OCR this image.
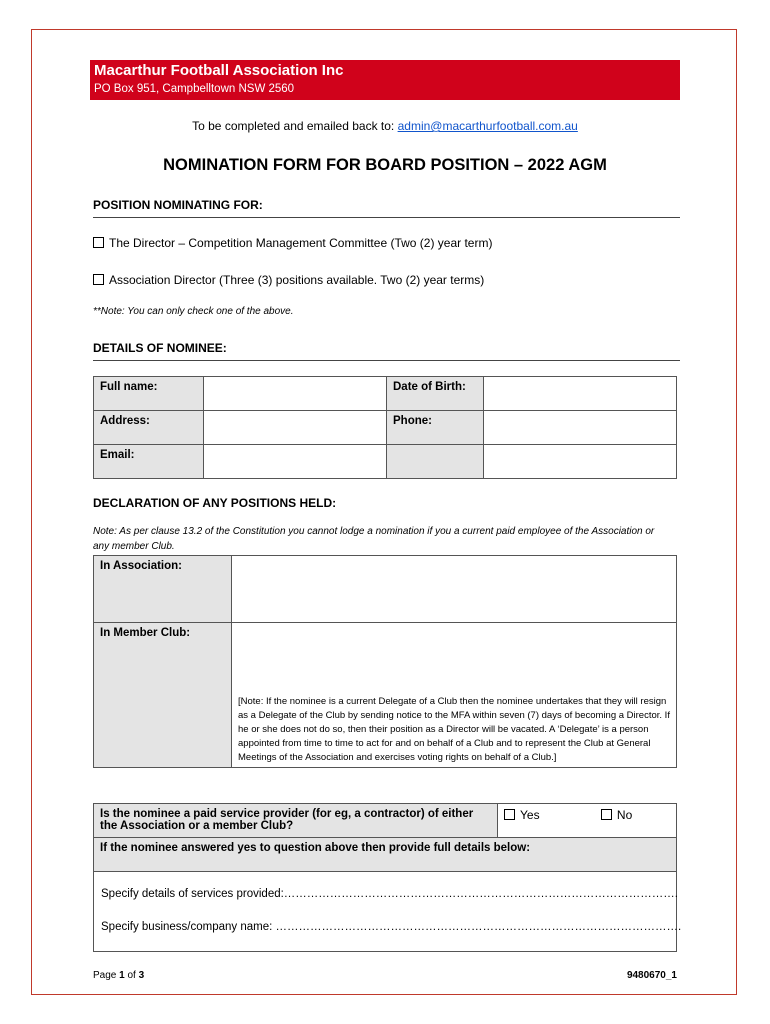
Macarthur Football Association Inc
PO Box 951, Campbelltown NSW 2560
To be completed and emailed back to: admin@macarthurfootball.com.au
NOMINATION FORM FOR BOARD POSITION – 2022 AGM
POSITION NOMINATING FOR:
The Director – Competition Management Committee (Two (2) year term)
Association Director (Three (3) positions available. Two (2) year terms)
**Note: You can only check one of the above.
DETAILS OF NOMINEE:
Full name:		Date of Birth:	
Address:		Phone:	
Email:			
DECLARATION OF ANY POSITIONS HELD:
Note: As per clause 13.2 of the Constitution you cannot lodge a nomination if you a current paid employee of the Association or any member Club.
In Association:	
In Member Club:	[Note: If the nominee is a current Delegate of a Club then the nominee undertakes that they will resign as a Delegate of the Club by sending notice to the MFA within seven (7) days of becoming a Director. If he or she does not do so, then their position as a Director will be vacated. A ‘Delegate’ is a person appointed from time to time to act for and on behalf of a Club and to represent the Club at General Meetings of the Association and exercises voting rights on behalf of a Club.]
Is the nominee a paid service provider (for eg, a contractor) of either the Association or a member Club?	Yes	No
If the nominee answered yes to question above then provide full details below:

Specify details of services provided:………………………………………………………………………………………….
Specify business/company name: …………………………………………………………………………………………….
Page 1 of 3	9480670_1
